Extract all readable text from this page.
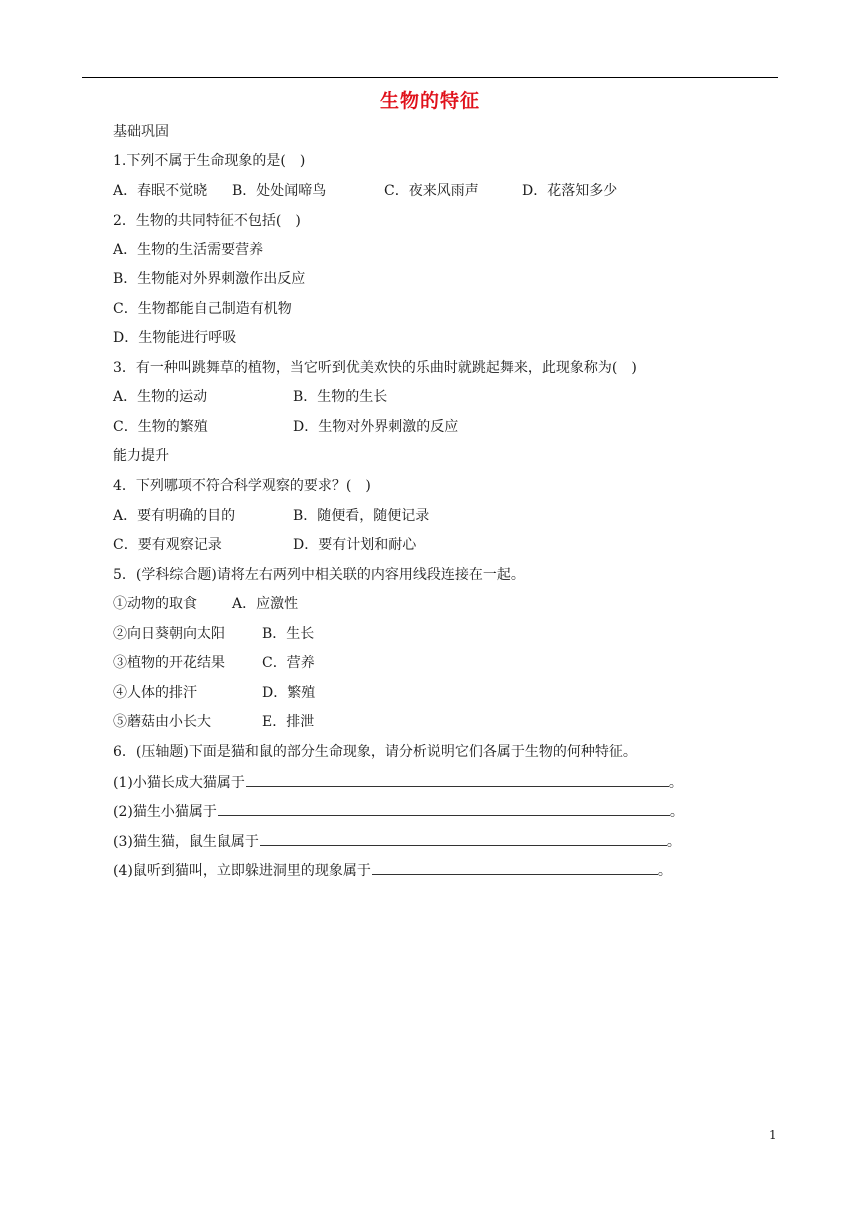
生物的特征
基础巩固
1.下列不属于生命现象的是(　)
A．春眠不觉晓 B．处处闻啼鸟	C．夜来风雨声	D．花落知多少
2．生物的共同特征不包括(　)
A．生物的生活需要营养
B．生物能对外界刺激作出反应
C．生物都能自己制造有机物
D．生物能进行呼吸
3．有一种叫跳舞草的植物，当它听到优美欢快的乐曲时就跳起舞来，此现象称为(　)
A．生物的运动	B．生物的生长
C．生物的繁殖	D．生物对外界刺激的反应
能力提升
4．下列哪项不符合科学观察的要求？(　)
A．要有明确的目的	B．随便看，随便记录
C．要有观察记录	D．要有计划和耐心
5．(学科综合题)请将左右两列中相关联的内容用线段连接在一起。
①动物的取食	A．应激性
②向日葵朝向太阳	B．生长
③植物的开花结果	C．营养
④人体的排汗	D．繁殖
⑤蘑菇由小长大	E．排泄
6．(压轴题)下面是猫和鼠的部分生命现象，请分析说明它们各属于生物的何种特征。
(1)小猫长成大猫属于	。
(2)猫生小猫属于	。
(3)猫生猫，鼠生鼠属于	。
(4)鼠听到猫叫，立即躲进洞里的现象属于	。
1
